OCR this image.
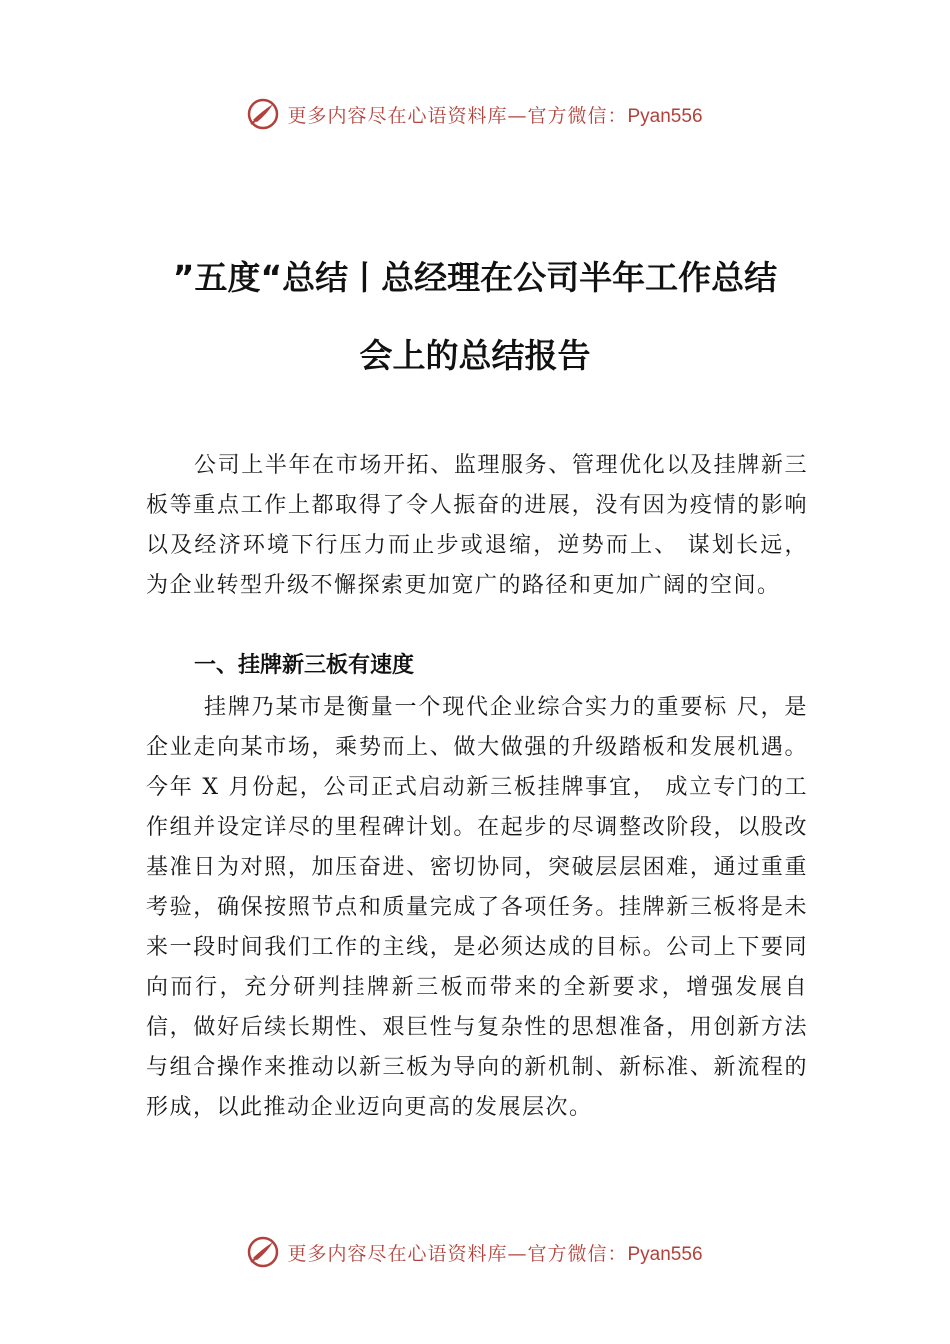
更多内容尽在心语资料库—官方微信：Pyan556
”五度“总结丨总经理在公司半年工作总结
会上的总结报告
公司上半年在市场开拓、监理服务、管理优化以及挂牌新三板等重点工作上都取得了令人振奋的进展，没有因为疫情的影响以及经济环境下行压力而止步或退缩，逆势而上、 谋划长远，为企业转型升级不懈探索更加宽广的路径和更加广阔的空间。
一、挂牌新三板有速度
挂牌乃某市是衡量一个现代企业综合实力的重要标 尺，是企业走向某市场，乘势而上、做大做强的升级踏板和发展机遇。今年 X 月份起，公司正式启动新三板挂牌事宜， 成立专门的工作组并设定详尽的里程碑计划。在起步的尽调整改阶段，以股改基准日为对照，加压奋进、密切协同，突破层层困难，通过重重考验，确保按照节点和质量完成了各项任务。挂牌新三板将是未来一段时间我们工作的主线，是必须达成的目标。公司上下要同向而行，充分研判挂牌新三板而带来的全新要求，增强发展自信，做好后续长期性、艰巨性与复杂性的思想准备，用创新方法与组合操作来推动以新三板为导向的新机制、新标准、新流程的形成，以此推动企业迈向更高的发展层次。
更多内容尽在心语资料库—官方微信：Pyan556
